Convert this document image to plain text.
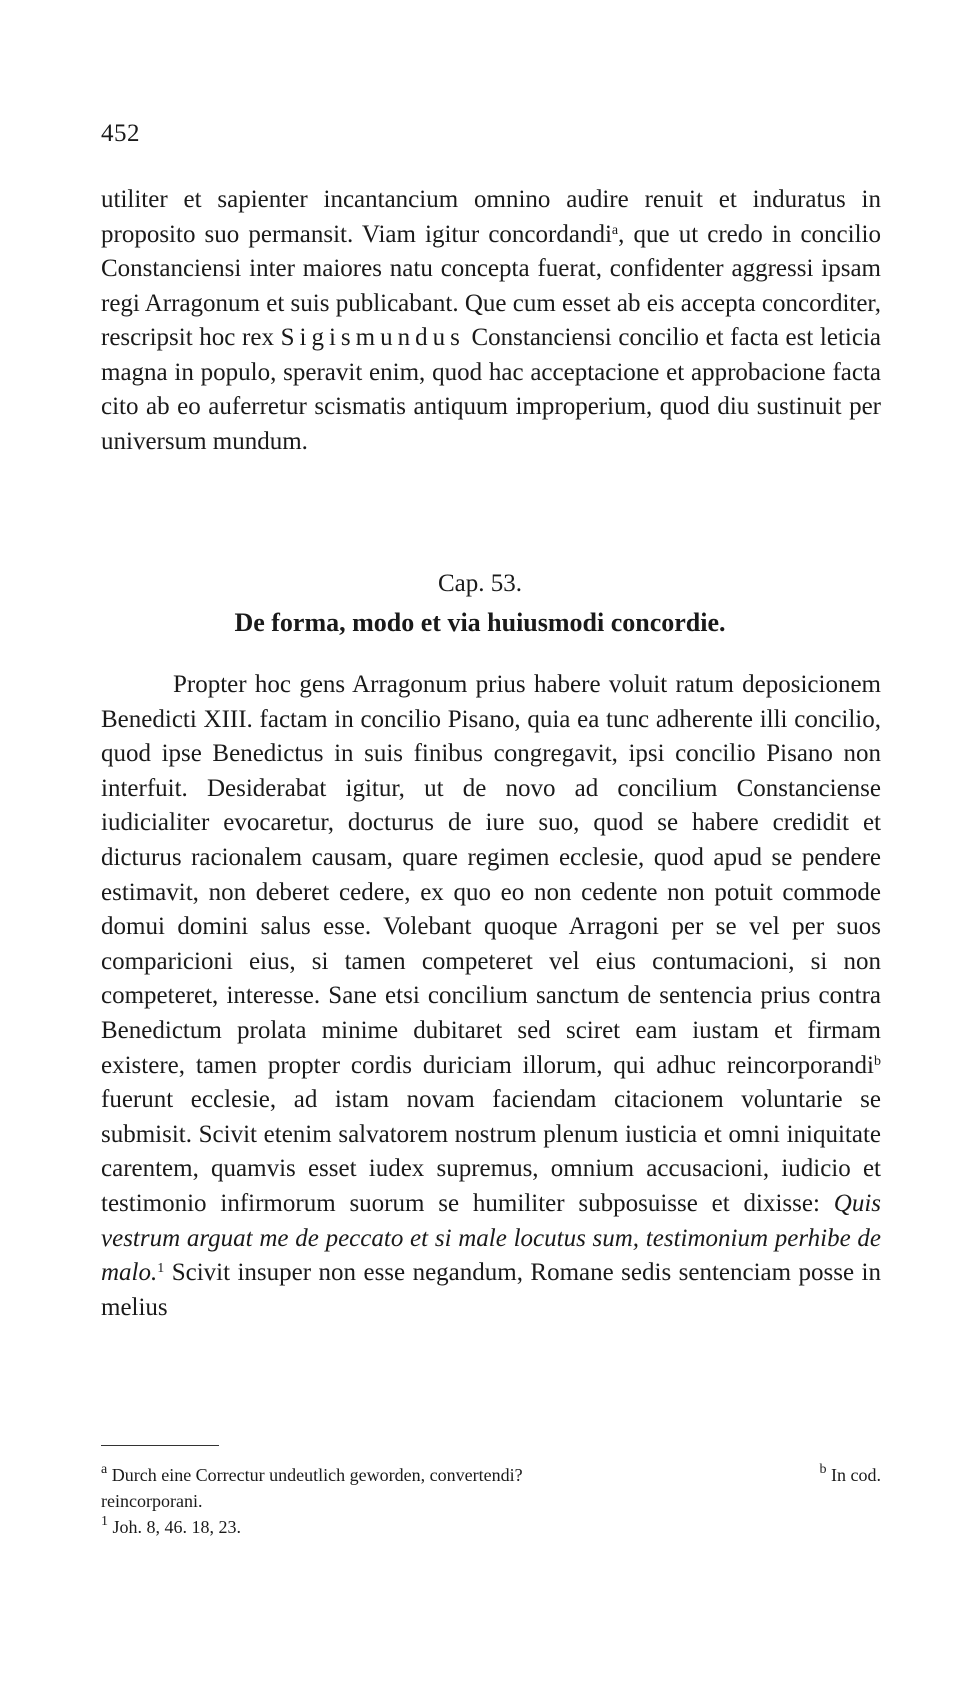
452

utiliter et sapienter incantancium omnino audire renuit et induratus in proposito suo permansit. Viam igitur concordandi$^a$, que ut credo in concilio Constanciensi inter maiores natu concepta fuerat, confidenter aggressi ipsam regi Arragonum et suis publicabant. Que cum esset ab eis accepta concorditer, rescripsit hoc rex Sigismundus Constanciensi concilio et facta est leticia magna in populo, speravit enim, quod hac acceptacione et approbacione facta cito ab eo auferretur scismatis antiquum improperium, quod diu sustinuit per universum mundum.

Cap. 53.
De forma, modo et via huiusmodi concordie.

Propter hoc gens Arragonum prius habere voluit ratum deposicionem Benedicti XIII. factam in concilio Pisano, quia ea tunc adherente illi concilio, quod ipse Benedictus in suis finibus congregavit, ipsi concilio Pisano non interfuit. Desiderabat igitur, ut de novo ad concilium Constanciense iudicialiter evocaretur, docturus de iure suo, quod se habere credidit et dicturus racionalem causam, quare regimen ecclesie, quod apud se pendere estimavit, non deberet cedere, ex quo eo non cedente non potuit commode domui domini salus esse. Volebant quoque Arragoni per se vel per suos comparicioni eius, si tamen competeret vel eius contumacioni, si non competeret, interesse. Sane etsi concilium sanctum de sentencia prius contra Benedictum prolata minime dubitaret sed sciret eam iustam et firmam existere, tamen propter cordis duriciam illorum, qui adhuc reincorporandi$^b$ fuerunt ecclesie, ad istam novam faciendam citacionem voluntarie se submisit. Scivit etenim salvatorem nostrum plenum iusticia et omni iniquitate carentem, quamvis esset iudex supremus, omnium accusacioni, iudicio et testimonio infirmorum suorum se humiliter subposuisse et dixisse: Quis vestrum arguat me de peccato et si male locutus sum, testimonium perhibe de malo.$^1$ Scivit insuper non esse negandum, Romane sedis sentenciam posse in melius

$^a$ Durch eine Correctur undeutlich geworden, convertendi?	$^b$ In cod.
reincorporani.
$^1$ Joh. 8, 46. 18, 23.
